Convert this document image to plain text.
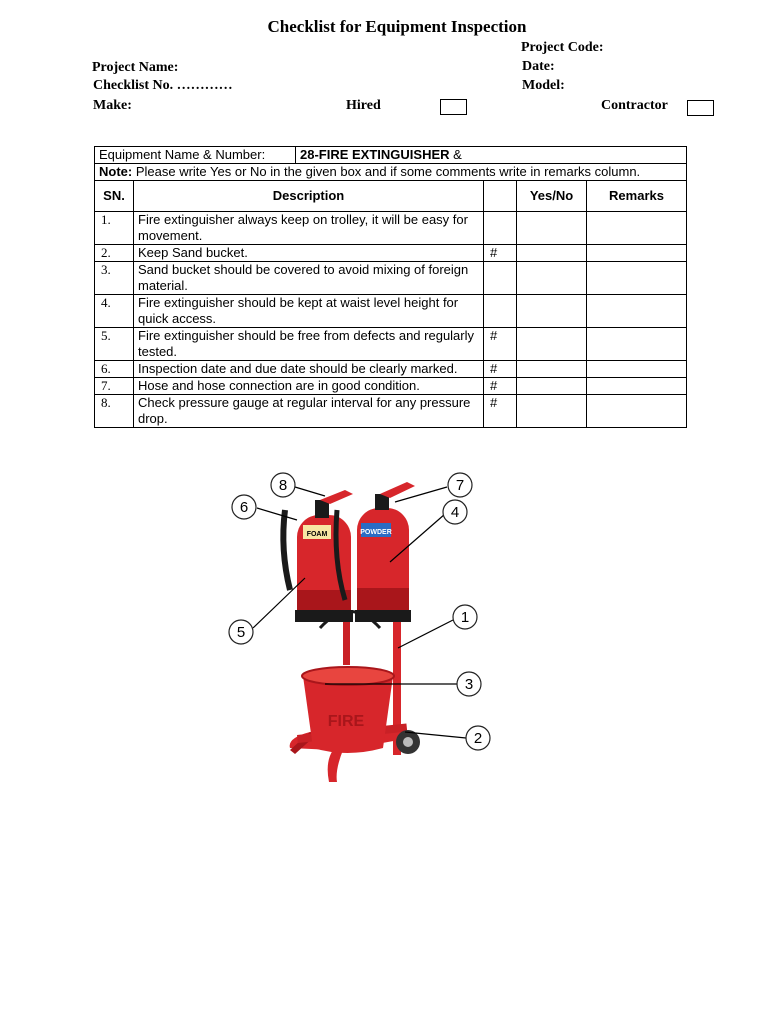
Checklist for Equipment Inspection
Project Code:
Project Name:	Date:
Checklist No. …………	Model:
Make:	Hired	Contractor
Equipment Name & Number:		28-FIRE EXTINGUISHER &			
Note: Please write Yes or No in the given box and if some comments write in remarks column.					
SN.	Description			Yes/No	Remarks
1.	Fire extinguisher always keep on trolley, it will be easy for movement.				
2.	Keep Sand bucket.		#		
3.	Sand bucket should be covered to avoid mixing of foreign material.				
4.	Fire extinguisher should be kept at waist level height for quick access.				
5.	Fire extinguisher should be free from defects and regularly tested.		#		
6.	Inspection date and due date should be clearly marked.		#		
7.	Hose and hose connection are in good condition.		#		
8.	Check pressure gauge at regular interval for any pressure drop.		#		
FIRE
FOAM	POWDER
1
2
3
4
5
6
7
8
